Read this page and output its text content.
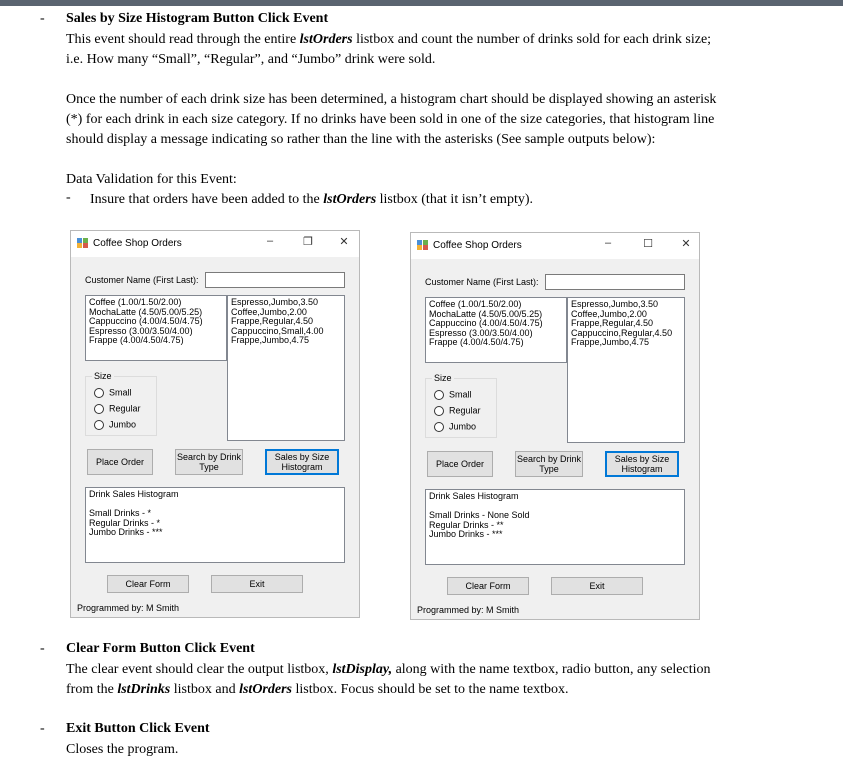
- Sales by Size Histogram Button Click Event
This event should read through the entire lstOrders listbox and count the number of drinks sold for each drink size;
i.e. How many “Small”, “Regular”, and “Jumbo” drink were sold.
Once the number of each drink size has been determined, a histogram chart should be displayed showing an asterisk
(*) for each drink in each size category. If no drinks have been sold in one of the size categories, that histogram line
should display a message indicating so rather than the line with the asterisks (See sample outputs below):
Data Validation for this Event:
- Insure that orders have been added to the lstOrders listbox (that it isn’t empty).
Coffee Shop Orders	–	❐	✕
Customer Name (First Last):
Coffee (1.00/1.50/2.00)
MochaLatte (4.50/5.00/5.25)
Cappuccino (4.00/4.50/4.75)
Espresso (3.00/3.50/4.00)
Frappe (4.00/4.50/4.75)
Espresso,Jumbo,3.50
Coffee,Jumbo,2.00
Frappe,Regular,4.50
Cappuccino,Small,4.00
Frappe,Jumbo,4.75
Size
Small
Regular
Jumbo
Place Order	Search by Drink Type
Sales by Size Histogram
Drink Sales Histogram

Small Drinks - *
Regular Drinks - *
Jumbo Drinks - ***
Clear Form	Exit
Programmed by: M Smith
Coffee Shop Orders	–	☐	✕
Customer Name (First Last):
Coffee (1.00/1.50/2.00)
MochaLatte (4.50/5.00/5.25)
Cappuccino (4.00/4.50/4.75)
Espresso (3.00/3.50/4.00)
Frappe (4.00/4.50/4.75)
Espresso,Jumbo,3.50
Coffee,Jumbo,2.00
Frappe,Regular,4.50
Cappuccino,Regular,4.50
Frappe,Jumbo,4.75
Size
Small
Regular
Jumbo
Place Order	Search by Drink Type
Sales by Size Histogram
Drink Sales Histogram

Small Drinks - None Sold
Regular Drinks - **
Jumbo Drinks - ***
Clear Form	Exit
Programmed by: M Smith
- Clear Form Button Click Event
The clear event should clear the output listbox, lstDisplay, along with the name textbox, radio button, any selection
from the lstDrinks listbox and lstOrders listbox. Focus should be set to the name textbox.
- Exit Button Click Event
Closes the program.
